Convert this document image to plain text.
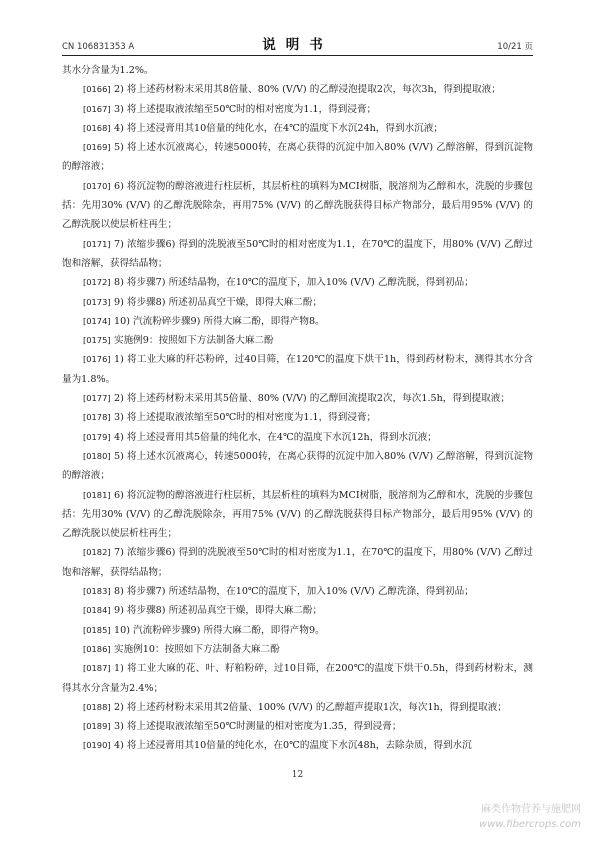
CN 106831353 A	说明书	10/21 页

其水分含量为1.2%。

[0166] 2) 将上述药材粉末采用其8倍量、80% (V/V) 的乙醇浸泡提取2次，每次3h，得到提取液；

[0167] 3) 将上述提取液浓缩至50℃时的相对密度为1.1，得到浸膏；

[0168] 4) 将上述浸膏用其10倍量的纯化水，在4℃的温度下水沉24h，得到水沉液；

[0169] 5) 将上述水沉液离心，转速5000转，在离心获得的沉淀中加入80% (V/V) 乙醇溶解，得到沉淀物的醇溶液；

[0170] 6) 将沉淀物的醇溶液进行柱层析，其层析柱的填料为MCI树脂，脱溶剂为乙醇和水，洗脱的步骤包括：先用30% (V/V) 的乙醇洗脱除杂，再用75% (V/V) 的乙醇洗脱获得目标产物部分，最后用95% (V/V) 的乙醇洗脱以使层析柱再生；

[0171] 7) 浓缩步骤6) 得到的洗脱液至50℃时的相对密度为1.1，在70℃的温度下，用80% (V/V) 乙醇过饱和溶解，获得结晶物；

[0172] 8) 将步骤7) 所述结晶物，在10℃的温度下，加入10% (V/V) 乙醇洗脱，得到初品；

[0173] 9) 将步骤8) 所述初品真空干燥，即得大麻二酚；

[0174] 10) 汽流粉碎步骤9) 所得大麻二酚，即得产物8。

[0175] 实施例9：按照如下方法制备大麻二酚

[0176] 1) 将工业大麻的秆芯粉碎，过40目筛，在120℃的温度下烘干1h，得到药材粉末，测得其水分含量为1.8%。

[0177] 2) 将上述药材粉末采用其5倍量、80% (V/V) 的乙醇回流提取2次，每次1.5h，得到提取液；

[0178] 3) 将上述提取液浓缩至50℃时的相对密度为1.1，得到浸膏；

[0179] 4) 将上述浸膏用其5倍量的纯化水，在4℃的温度下水沉12h，得到水沉液；

[0180] 5) 将上述水沉液离心，转速5000转，在离心获得的沉淀中加入80% (V/V) 乙醇溶解，得到沉淀物的醇溶液；

[0181] 6) 将沉淀物的醇溶液进行柱层析，其层析柱的填料为MCI树脂，脱溶剂为乙醇和水，洗脱的步骤包括：先用30% (V/V) 的乙醇洗脱除杂，再用75% (V/V) 的乙醇洗脱获得目标产物部分，最后用95% (V/V) 的乙醇洗脱以使层析柱再生；

[0182] 7) 浓缩步骤6) 得到的洗脱液至50℃时的相对密度为1.1，在70℃的温度下，用80% (V/V) 乙醇过饱和溶解，获得结晶物；

[0183] 8) 将步骤7) 所述结晶物，在10℃的温度下，加入10% (V/V) 乙醇洗涤，得到初品；

[0184] 9) 将步骤8) 所述初品真空干燥，即得大麻二酚；

[0185] 10) 汽流粉碎步骤9) 所得大麻二酚，即得产物9。

[0186] 实施例10：按照如下方法制备大麻二酚

[0187] 1) 将工业大麻的花、叶、籽粕粉碎，过10目筛，在200℃的温度下烘干0.5h，得到药材粉末，测得其水分含量为2.4%；

[0188] 2) 将上述药材粉末采用其2倍量、100% (V/V) 的乙醇超声提取1次，每次1h，得到提取液；

[0189] 3) 将上述提取液浓缩至50℃时测量的相对密度为1.35，得到浸膏；

[0190] 4) 将上述浸膏用其10倍量的纯化水，在0℃的温度下水沉48h，去除杂质，得到水沉

12
麻类作物营养与施肥网
www.fibercrops.com
